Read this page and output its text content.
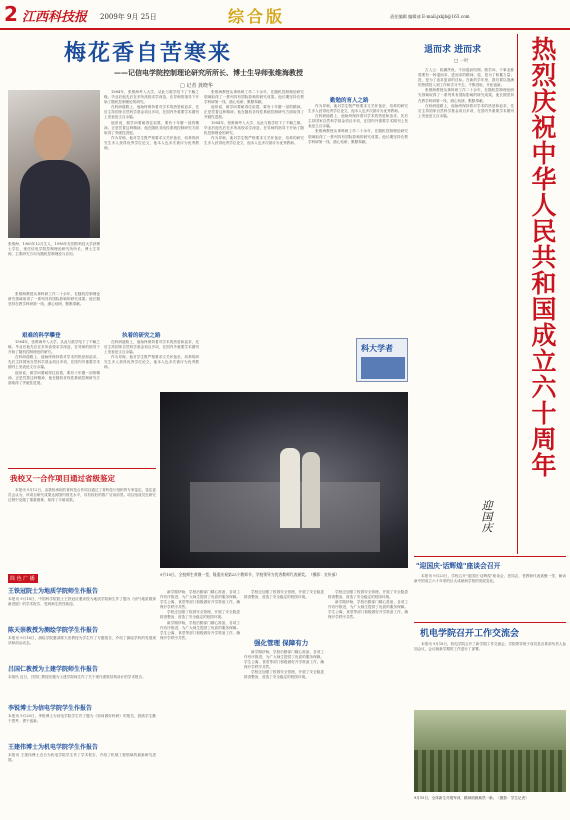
2 江西科技报 2009年 9月 25日	综合版	责任编辑 编辑部 E-mail:jxkjb@163.com
梅花香自苦寒来
——记信电学院控制理论研究所所长、博士生导师张维海教授
□ 记者 龚晓华
张维海，1965年12月生人，1998年在国防科技大学获博士学位，现任信电学院控制理论研究所所长，博士生导师，主要研究方向为随机控制理论与应用。

张维海教授从事科研工作二十余年，在随机控制理论研究领域取得了一系列具有国际影响的研究成果。他长期坚持在教学科研第一线，潜心钻研，默默奉献。

艰难的科学攀登

1984年，张维海考入大学，从此与数学结下了不解之缘。毕业后他先后在多所高校求学深造，在导师的指导下开始了随机控制理论的研究。

在科研道路上，他始终保持着对学术的热爱和追求，先后主持国家自然科学基金项目多项，在国内外重要学术期刊上发表论文百余篇。

他常说，做学问要耐得住寂寞，要有十年磨一剑的精神。正是凭着这种精神，他在随机非线性系统控制研究方面取得了突破性进展。

1984年，张维海考入大学，从此与数学结下了不解之缘。毕业后他先后在多所高校求学深造，在导师的指导下开始了随机控制理论的研究。

在科研道路上，他始终保持着对学术的热爱和追求，先后主持国家自然科学基金项目多项，在国内外重要学术期刊上发表论文百余篇。

他常说，做学问要耐得住寂寞，要有十年磨一剑的精神。正是凭着这种精神，他在随机非线性系统控制研究方面取得了突破性进展。

作为导师，他对学生既严格要求又关怀备至，培养的研究生多人获得优秀学位论文，他本人也多次被评为优秀教师。

执着的研究之路

在科研道路上，他始终保持着对学术的热爱和追求，先后主持国家自然科学基金项目多项，在国内外重要学术期刊上发表论文百余篇。

作为导师，他对学生既严格要求又关怀备至，培养的研究生多人获得优秀学位论文，他本人也多次被评为优秀教师。

张维海教授从事科研工作二十余年，在随机控制理论研究领域取得了一系列具有国际影响的研究成果。他长期坚持在教学科研第一线，潜心钻研，默默奉献。

他常说，做学问要耐得住寂寞，要有十年磨一剑的精神。正是凭着这种精神，他在随机非线性系统控制研究方面取得了突破性进展。

1984年，张维海考入大学，从此与数学结下了不解之缘。毕业后他先后在多所高校求学深造，在导师的指导下开始了随机控制理论的研究。

作为导师，他对学生既严格要求又关怀备至，培养的研究生多人获得优秀学位论文，他本人也多次被评为优秀教师。

勤勉的育人之路

作为导师，他对学生既严格要求又关怀备至，培养的研究生多人获得优秀学位论文，他本人也多次被评为优秀教师。

在科研道路上，他始终保持着对学术的热爱和追求，先后主持国家自然科学基金项目多项，在国内外重要学术期刊上发表论文百余篇。

张维海教授从事科研工作二十余年，在随机控制理论研究领域取得了一系列具有国际影响的研究成果。他长期坚持在教学科研第一线，潜心钻研，默默奉献。

科大学者
9月10日，全校师生欢聚一堂，隆重庆祝第25个教师节，学校领导为优秀教师代表颁奖。（摄影：宣传部）
我校又一合作项目通过省级鉴定

本报讯 9月12日，由我校承担的省科技合作项目通过了省科技厅组织的专家鉴定。鉴定委员会认为，该项目研究成果达到国内领先水平，具有较好的推广应用前景。项目组成员在研究过程中克服了重重困难，取得了丰硕成果。

简 色 广 播
王铁冠院士为地质学院师生作报告
本报讯 9月18日，中国科学院院士王铁冠应邀来校为地质学院师生作了题为《油气地质勘探新进展》的学术报告，受到师生热烈欢迎。
陈天崇教授为测绘学院学生作报告
本报讯 9月16日，测绘学院邀请陈天崇教授为学生作了专题报告，介绍了测绘学科的发展现状和前沿动态。
吕国仁教授为土建学院师生作报告
本报讯 近日，吕国仁教授应邀为土建学院师生作了关于现代建筑结构设计的学术报告。
李锐博士为信电学院学生作报告
本报讯 9月20日，李锐博士为信电学院学生作了题为《如何做好科研》的报告，鼓励学生勤于思考、勇于创新。
王建伟博士为机电学院学生作报告
本报讯 王建伟博士近日为机电学院学生作了学术报告，介绍了机械工程领域的最新研究进展。

新学期伊始，学校后勤部门精心准备，各项工作有序推进，为广大师生提供了优质的服务保障。学生公寓、食堂等部门积极做好开学准备工作，确保开学秩序井然。

学校还加强了校园安全管理，开展了安全隐患排查整治，营造了安全稳定的校园环境。

新学期伊始，学校后勤部门精心准备，各项工作有序推进，为广大师生提供了优质的服务保障。学生公寓、食堂等部门积极做好开学准备工作，确保开学秩序井然。

学校还加强了校园安全管理，开展了安全隐患排查整治，营造了安全稳定的校园环境。

强化管理 保障有力

新学期伊始，学校后勤部门精心准备，各项工作有序推进，为广大师生提供了优质的服务保障。学生公寓、食堂等部门积极做好开学准备工作，确保开学秩序井然。

学校还加强了校园安全管理，开展了安全隐患排查整治，营造了安全稳定的校园环境。

学校还加强了校园安全管理，开展了安全隐患排查整治，营造了安全稳定的校园环境。

新学期伊始，学校后勤部门精心准备，各项工作有序推进，为广大师生提供了优质的服务保障。学生公寓、食堂等部门积极做好开学准备工作，确保开学秩序井然。

退而求 进而求
□ 一叶

古人云：临渊羡鱼，不如退而结网。做学问、干事业都需要有一种退而求、进而求的精神。退，是为了积蓄力量；进，是为了追求更高的目标。在新的学年里，我们要以饱满的热情投入到工作和学习中去，不断进取，开拓创新。

张维海教授从事科研工作二十余年，在随机控制理论研究领域取得了一系列具有国际影响的研究成果。他长期坚持在教学科研第一线，潜心钻研，默默奉献。

在科研道路上，他始终保持着对学术的热爱和追求，先后主持国家自然科学基金项目多项，在国内外重要学术期刊上发表论文百余篇。	热烈庆祝中华人民共和国成立六十周年
迎国庆
"迎国庆·话辉煌"座谈会召开

本报讯 9月23日，学校召开"迎国庆·话辉煌"座谈会，老同志、老教师代表欢聚一堂，畅谈新中国成立六十年来的巨大成就和学校的发展变化。

机电学院召开工作交流会

本报讯 9月18日，机电学院召开了新学期工作交流会，学院领导班子成员及各系部负责人参加会议，会议就新学期的工作进行了部署。

9月15日，全体新生开展军训，精神面貌焕然一新。（摄影：学生记者）
